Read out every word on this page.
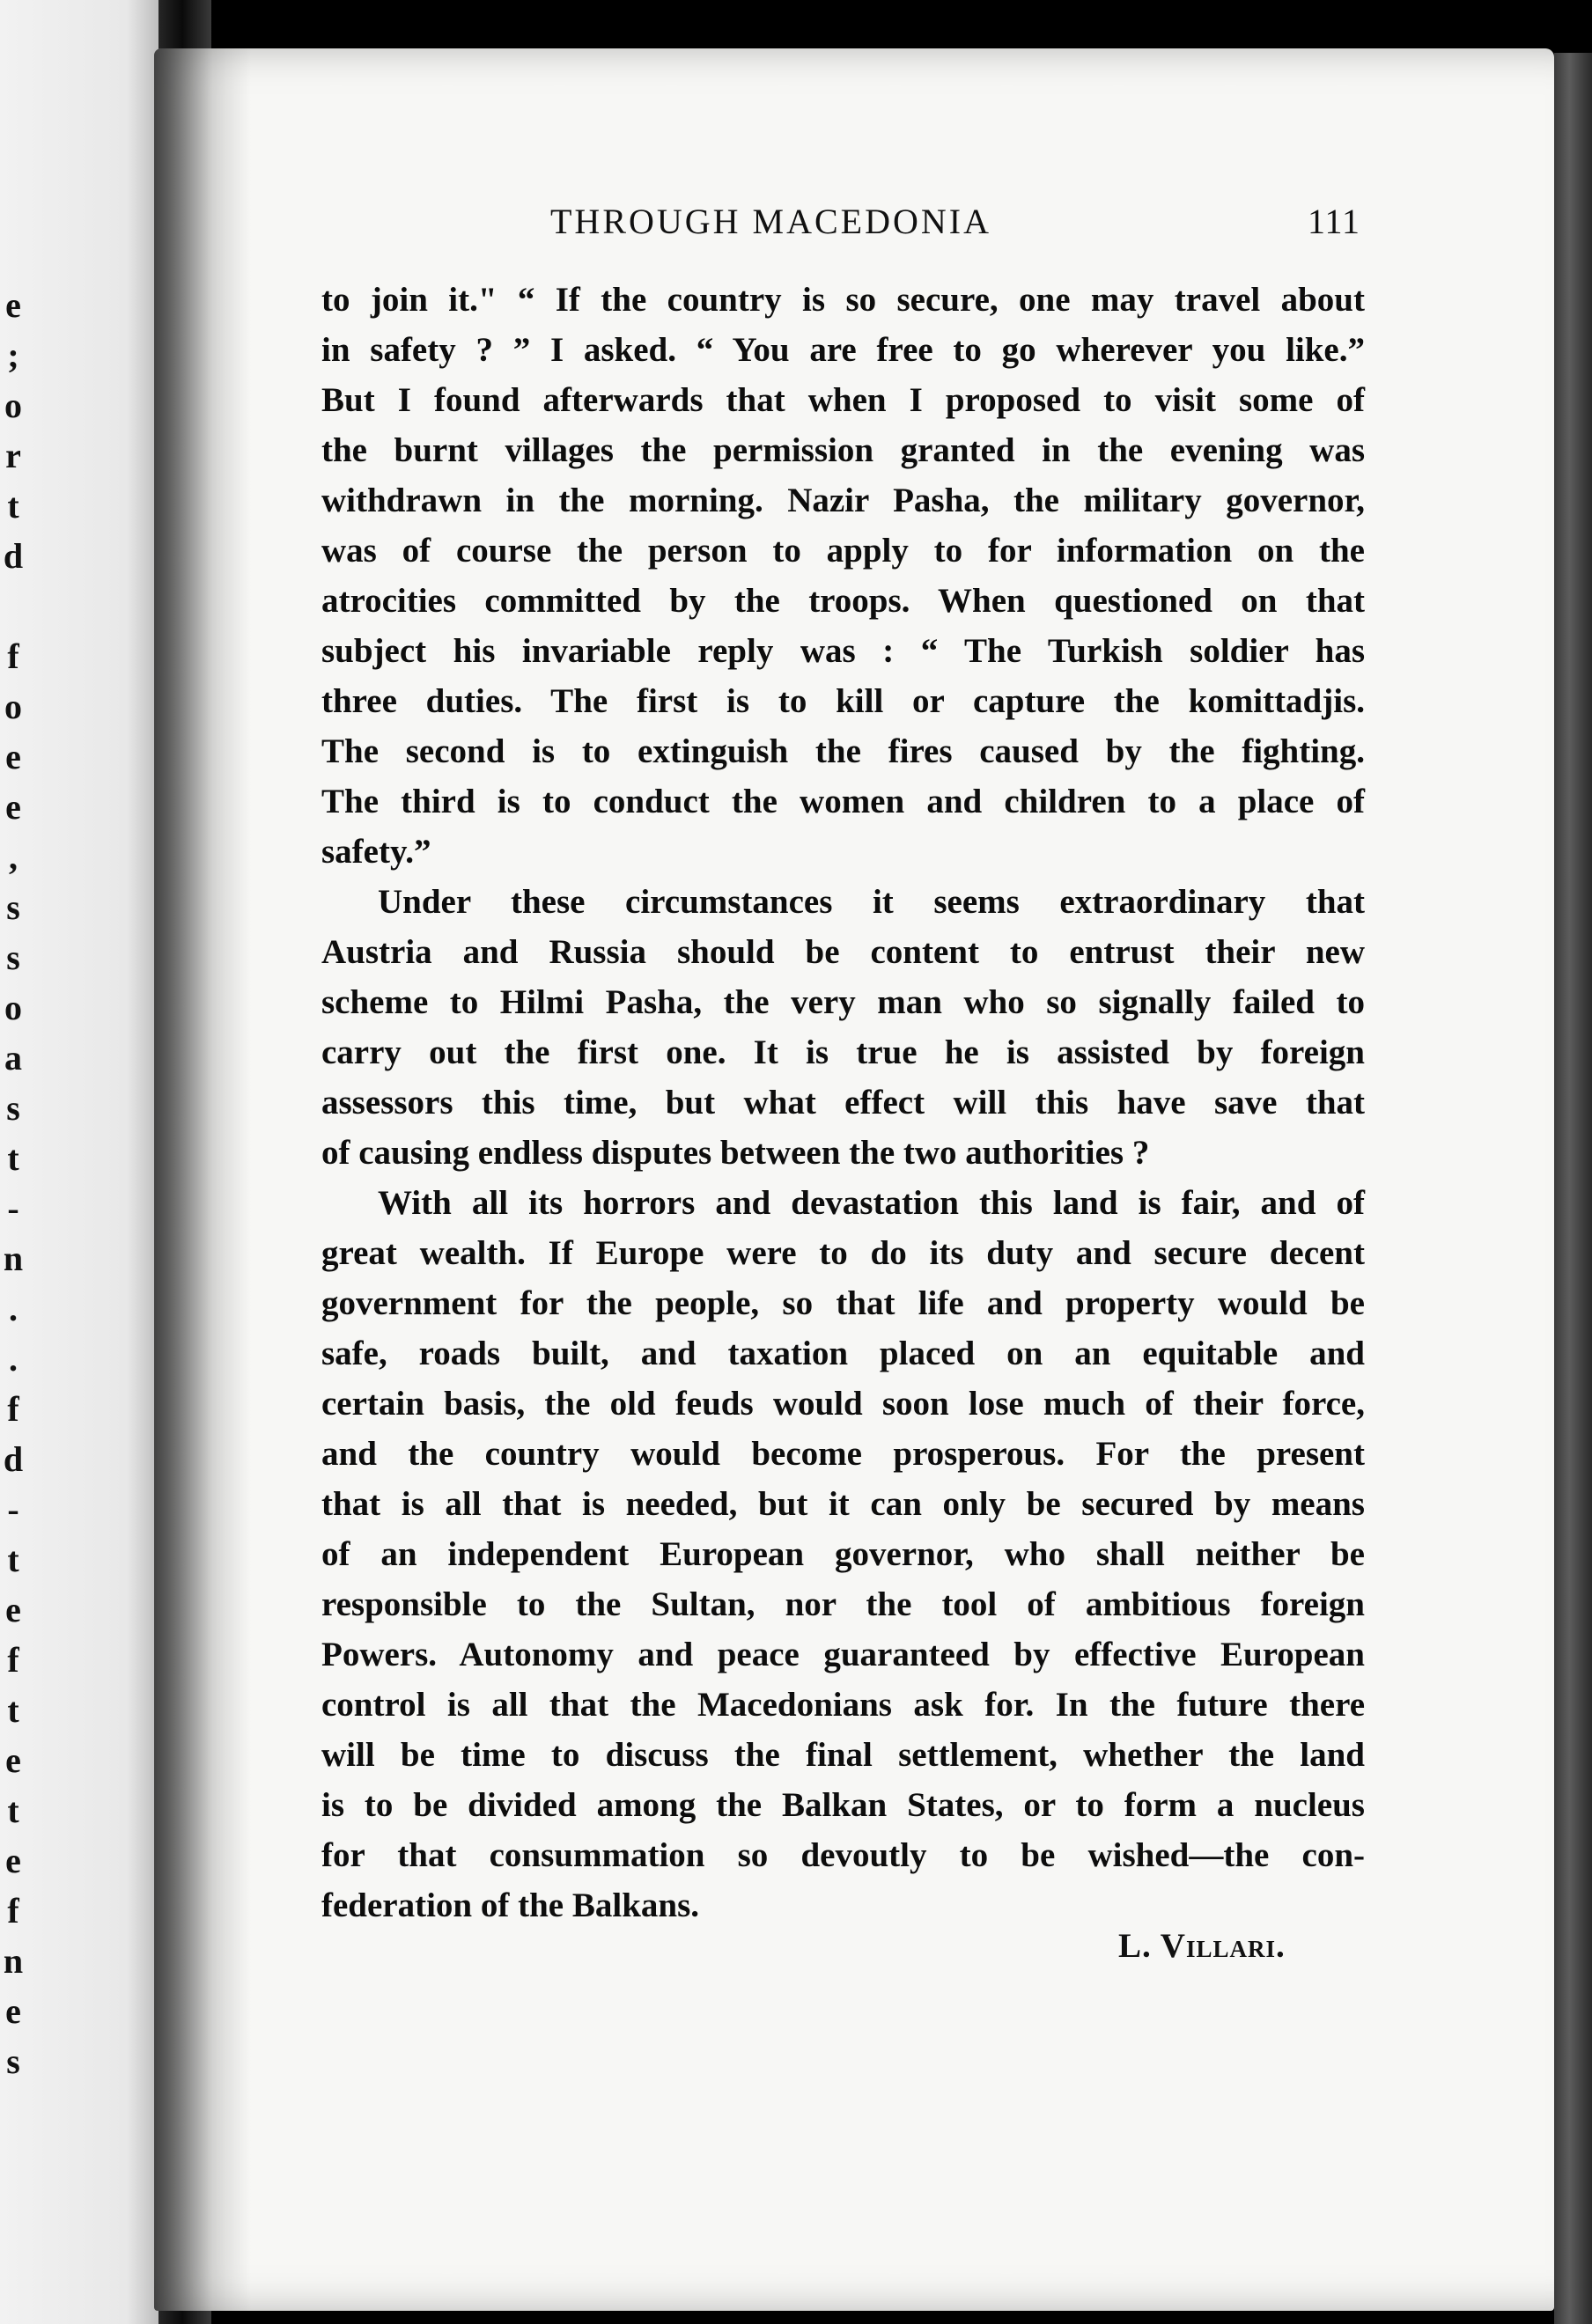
e
;
o
r
t
d
f
o
e
e
,
s
s
o
a
s
t
-
n
.
.
f
d
-
t
e
f
t
e
t
e
f
n
e
s
THROUGH MACEDONIA	111
to join it." “ If the country is so secure, one may travel about
in safety ? ” I asked. “ You are free to go wherever you like.”
But I found afterwards that when I proposed to visit some of
the burnt villages the permission granted in the evening was
withdrawn in the morning. Nazir Pasha, the military governor,
was of course the person to apply to for information on the
atrocities committed by the troops. When questioned on that
subject his invariable reply was : “ The Turkish soldier has
three duties. The first is to kill or capture the komittadjis.
The second is to extinguish the fires caused by the fighting.
The third is to conduct the women and children to a place of
safety.”
Under these circumstances it seems extraordinary that
Austria and Russia should be content to entrust their new
scheme to Hilmi Pasha, the very man who so signally failed to
carry out the first one. It is true he is assisted by foreign
assessors this time, but what effect will this have save that
of causing endless disputes between the two authorities ?
With all its horrors and devastation this land is fair, and of
great wealth. If Europe were to do its duty and secure decent
government for the people, so that life and property would be
safe, roads built, and taxation placed on an equitable and
certain basis, the old feuds would soon lose much of their force,
and the country would become prosperous. For the present
that is all that is needed, but it can only be secured by means
of an independent European governor, who shall neither be
responsible to the Sultan, nor the tool of ambitious foreign
Powers. Autonomy and peace guaranteed by effective European
control is all that the Macedonians ask for. In the future there
will be time to discuss the final settlement, whether the land
is to be divided among the Balkan States, or to form a nucleus
for that consummation so devoutly to be wished—the con-
federation of the Balkans.
L. Villari.
